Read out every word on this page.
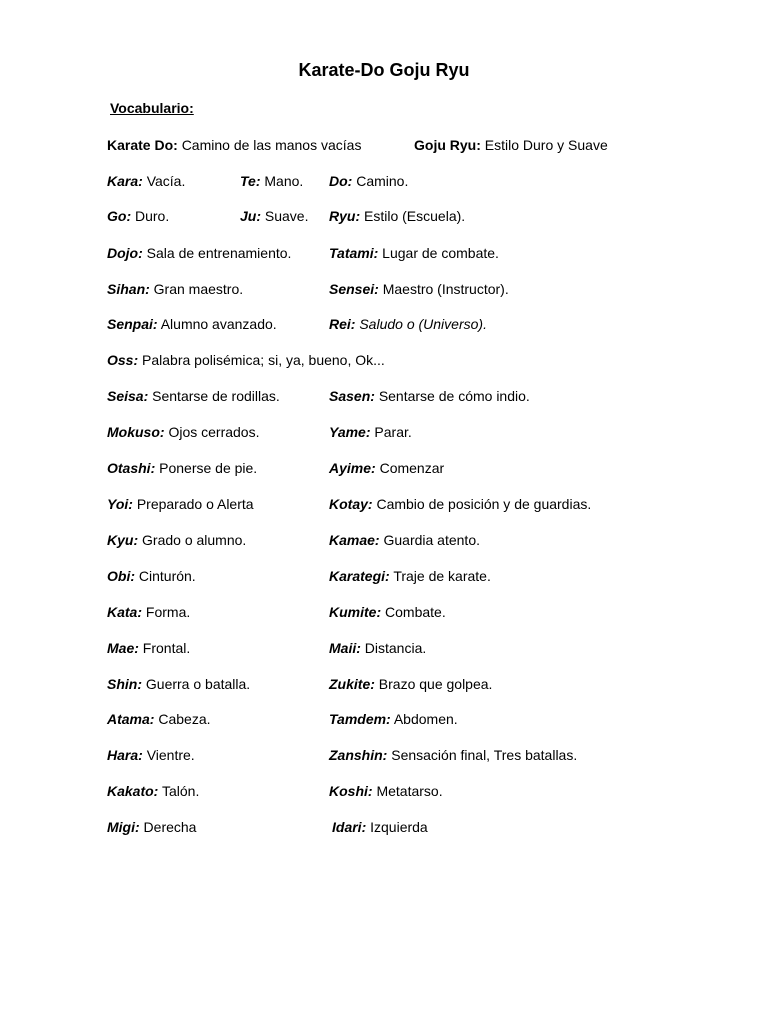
Karate-Do Goju Ryu
Vocabulario:
Karate Do: Camino de las manos vacías	Goju Ryu: Estilo Duro y Suave
Kara: Vacía.	Te: Mano. Do: Camino.
Go: Duro.	Ju: Suave. Ryu: Estilo (Escuela).
Dojo: Sala de entrenamiento.	Tatami: Lugar de combate.
Sihan: Gran maestro.	Sensei: Maestro (Instructor).
Senpai: Alumno avanzado.	Rei: Saludo o (Universo).
Oss: Palabra polisémica; si, ya, bueno, Ok...
Seisa: Sentarse de rodillas.	Sasen: Sentarse de cómo indio.
Mokuso: Ojos cerrados.	Yame: Parar.
Otashi: Ponerse de pie.	Ayime: Comenzar
Yoi: Preparado o Alerta	Kotay: Cambio de posición y de guardias.
Kyu: Grado o alumno.	Kamae: Guardia atento.
Obi: Cinturón.	Karategi: Traje de karate.
Kata: Forma.	Kumite: Combate.
Mae: Frontal.	Maii: Distancia.
Shin: Guerra o batalla.	Zukite: Brazo que golpea.
Atama: Cabeza.	Tamdem: Abdomen.
Hara: Vientre.	Zanshin: Sensación final, Tres batallas.
Kakato: Talón.	Koshi: Metatarso.
Migi: Derecha	Idari: Izquierda
